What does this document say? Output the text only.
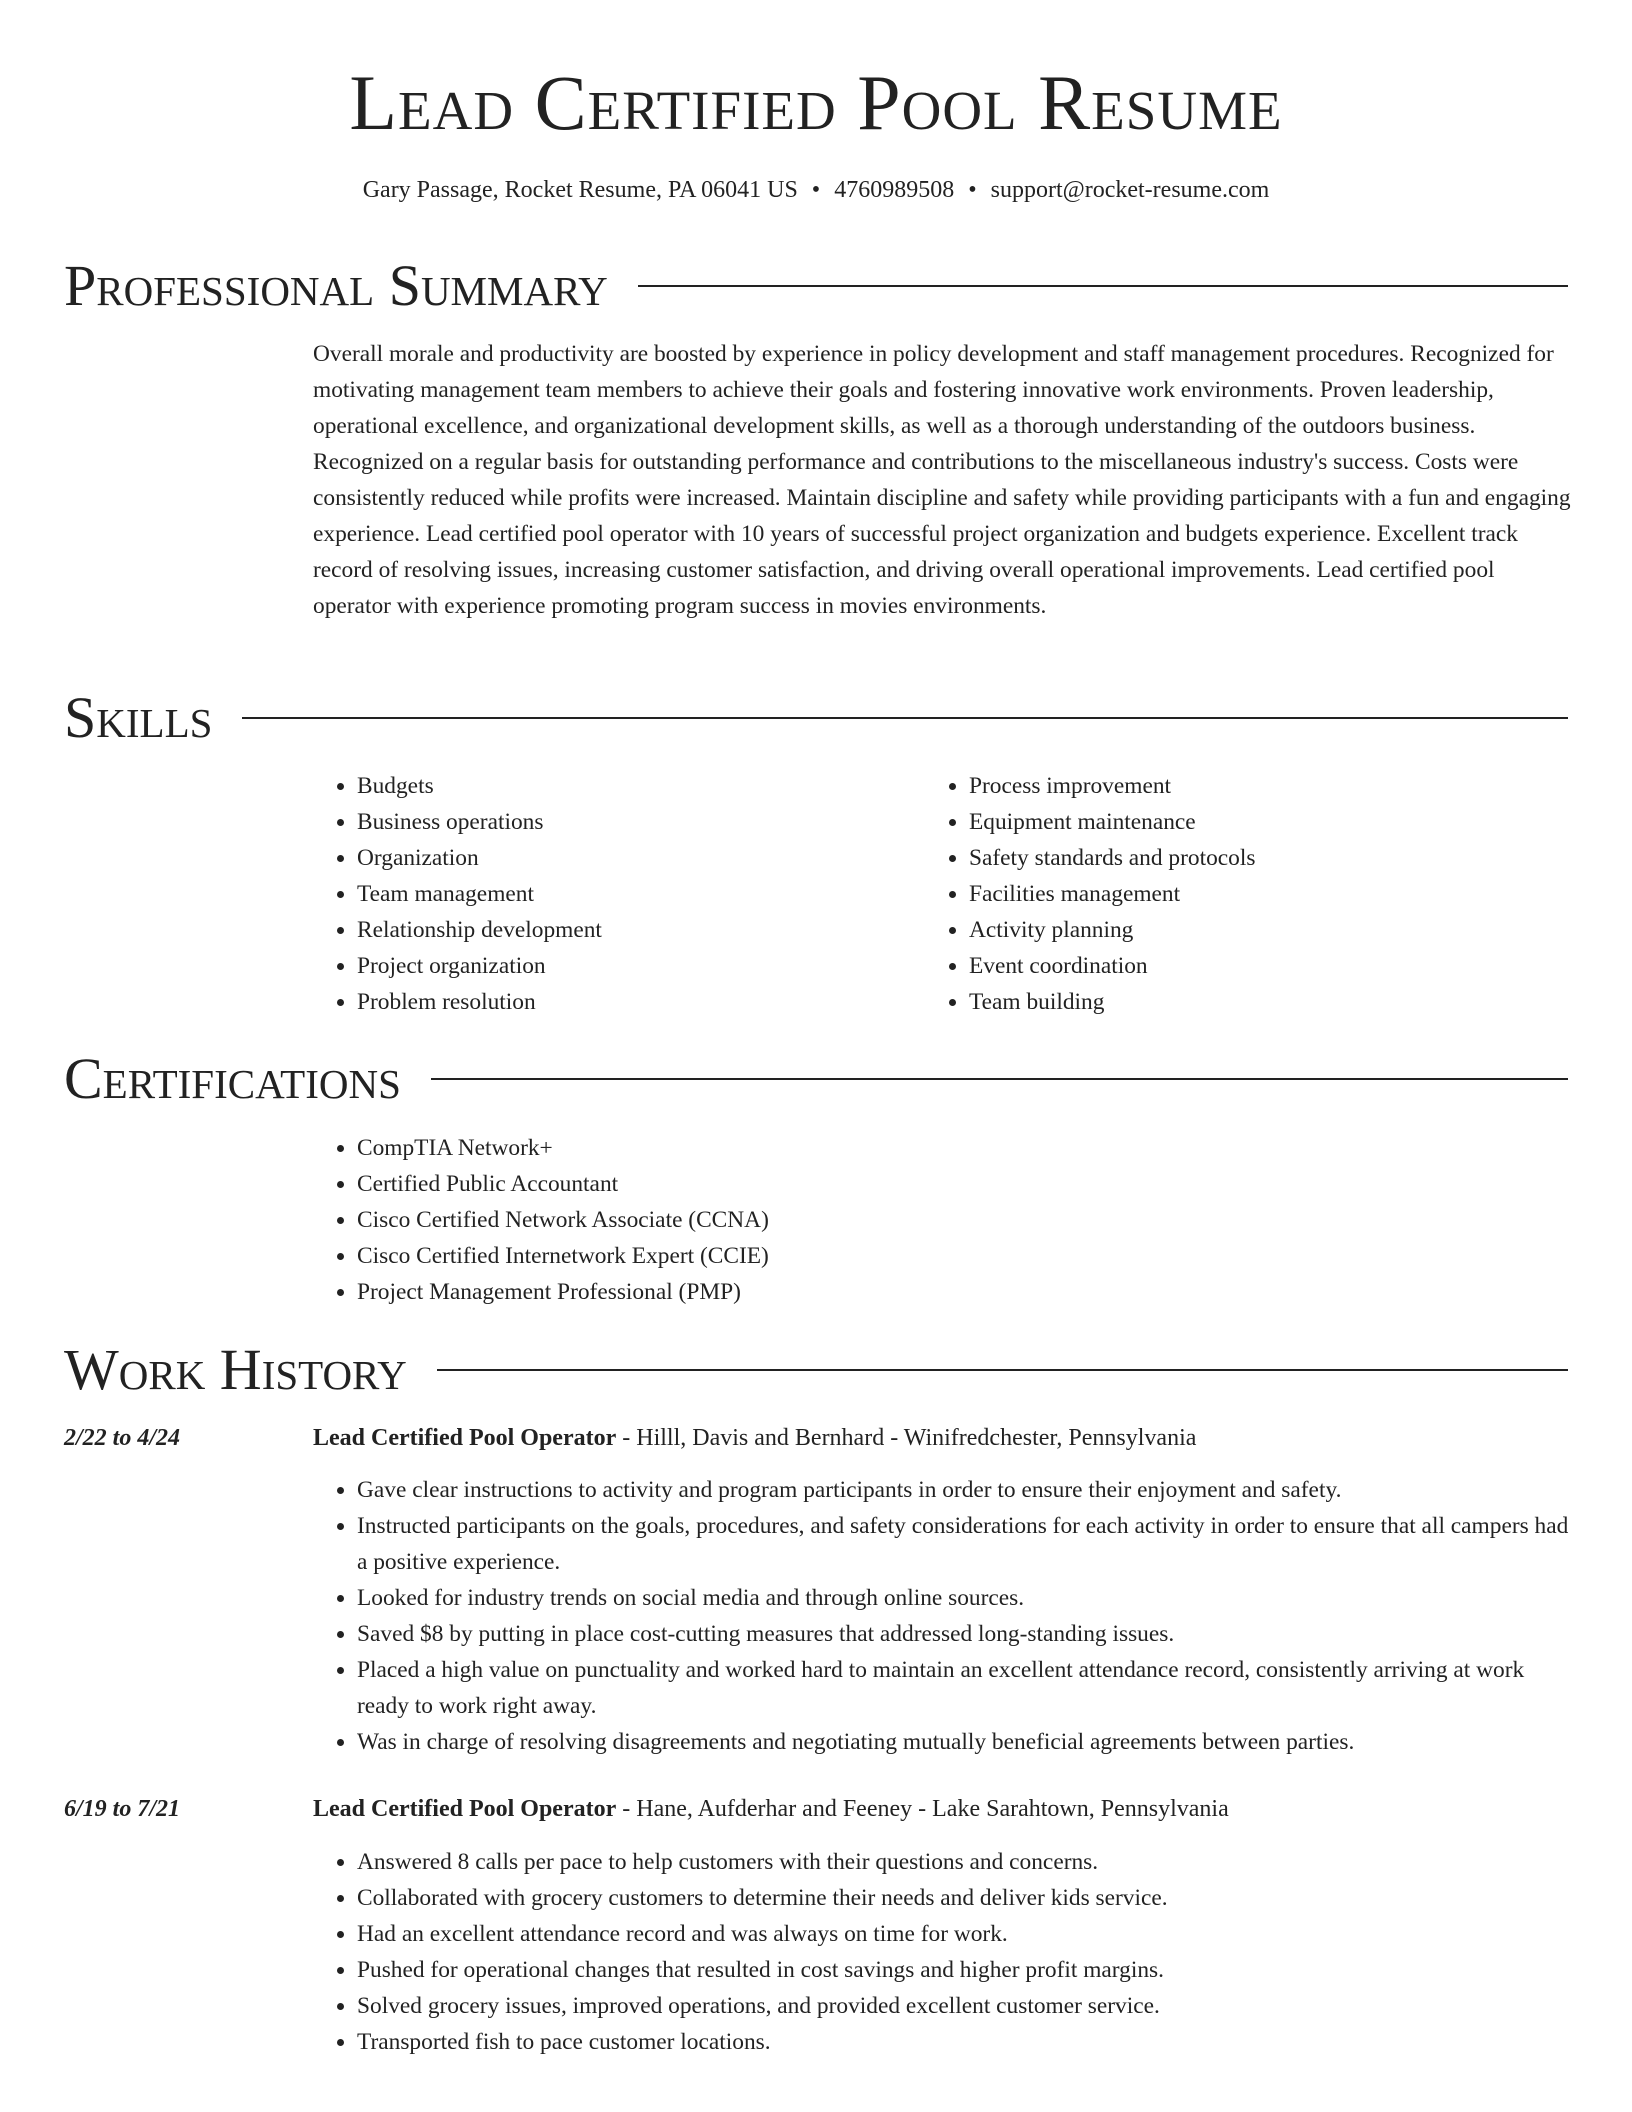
Lead Certified Pool Resume
Gary Passage, Rocket Resume, PA 06041 US • 4760989508 • support@rocket-resume.com
Professional Summary

Overall morale and productivity are boosted by experience in policy development and staff management procedures. Recognized for motivating management team members to achieve their goals and fostering innovative work environments. Proven leadership, operational excellence, and organizational development skills, as well as a thorough understanding of the outdoors business. Recognized on a regular basis for outstanding performance and contributions to the miscellaneous industry's success. Costs were consistently reduced while profits were increased. Maintain discipline and safety while providing participants with a fun and engaging experience. Lead certified pool operator with 10 years of successful project organization and budgets experience. Excellent track record of resolving issues, increasing customer satisfaction, and driving overall operational improvements. Lead certified pool operator with experience promoting program success in movies environments.

Skills
• Budgets
• Business operations
• Organization
• Team management
• Relationship development
• Project organization
• Problem resolution
• Process improvement
• Equipment maintenance
• Safety standards and protocols
• Facilities management
• Activity planning
• Event coordination
• Team building
Certifications
• CompTIA Network+
• Certified Public Accountant
• Cisco Certified Network Associate (CCNA)
• Cisco Certified Internetwork Expert (CCIE)
• Project Management Professional (PMP)
Work History
2/22 to 4/24	Lead Certified Pool Operator - Hilll, Davis and Bernhard - Winifredchester, Pennsylvania
• Gave clear instructions to activity and program participants in order to ensure their enjoyment and safety.
• Instructed participants on the goals, procedures, and safety considerations for each activity in order to ensure that all campers had a positive experience.
• Looked for industry trends on social media and through online sources.
• Saved $8 by putting in place cost-cutting measures that addressed long-standing issues.
• Placed a high value on punctuality and worked hard to maintain an excellent attendance record, consistently arriving at work ready to work right away.
• Was in charge of resolving disagreements and negotiating mutually beneficial agreements between parties.
6/19 to 7/21	Lead Certified Pool Operator - Hane, Aufderhar and Feeney - Lake Sarahtown, Pennsylvania
• Answered 8 calls per pace to help customers with their questions and concerns.
• Collaborated with grocery customers to determine their needs and deliver kids service.
• Had an excellent attendance record and was always on time for work.
• Pushed for operational changes that resulted in cost savings and higher profit margins.
• Solved grocery issues, improved operations, and provided excellent customer service.
• Transported fish to pace customer locations.
